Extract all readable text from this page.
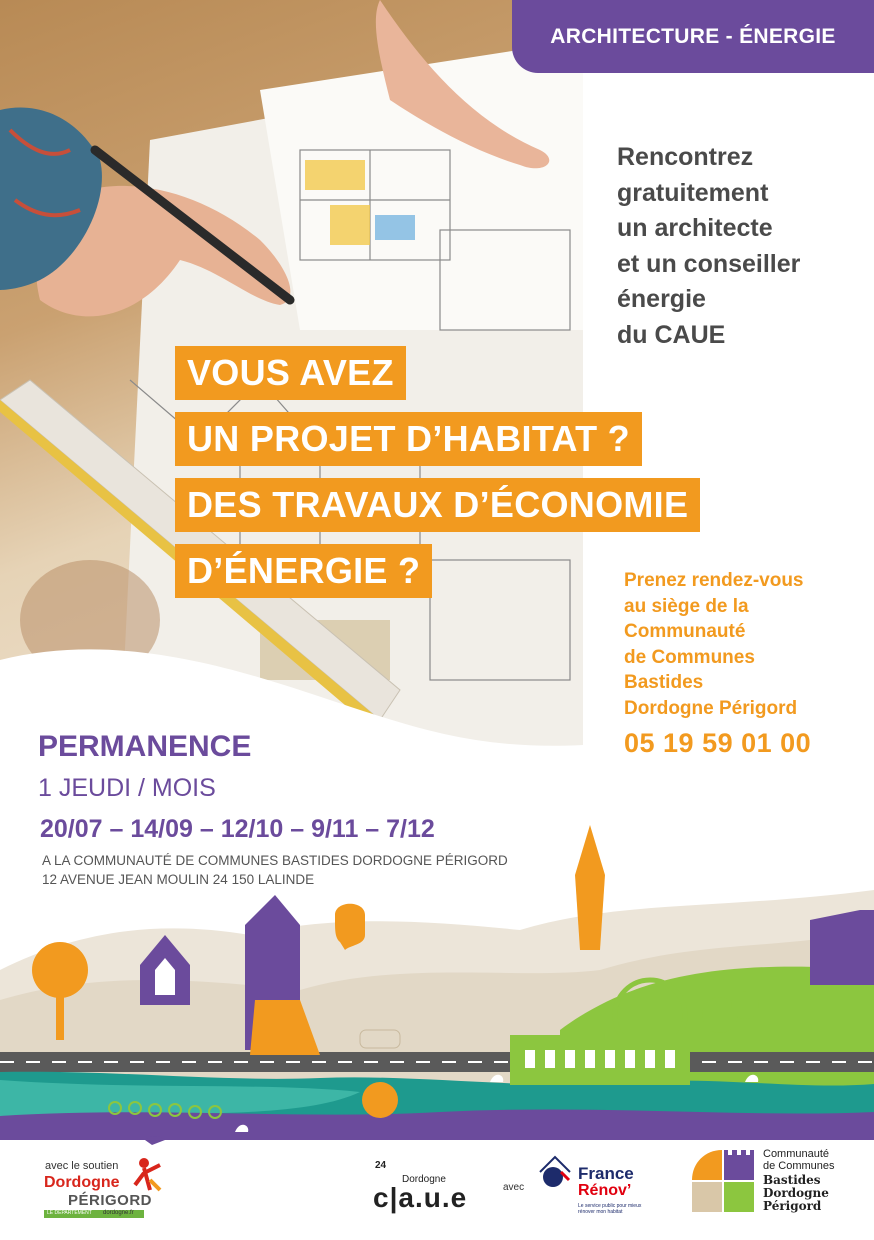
ARCHITECTURE - ÉNERGIE
Rencontrez
gratuitement
un architecte
et un conseiller
énergie
du CAUE
VOUS AVEZ
UN PROJET D’HABITAT ?
DES TRAVAUX D’ÉCONOMIE
D’ÉNERGIE ?	Prenez rendez-vous
au siège de la
Communauté
de Communes
Bastides
Dordogne Périgord
05 19 59 01 00
PERMANENCE
1 JEUDI / MOIS
20/07 – 14/09 – 12/10 – 9/11 – 7/12
A LA COMMUNAUTÉ DE COMMUNES BASTIDES DORDOGNE PÉRIGORD
12 AVENUE JEAN MOULIN 24 150 LALINDE
avec le soutien
Dordogne
PÉRIGORD
LE DÉPARTEMENT dordogne.fr
24
Dordogne
c|a.u.e	avec
France
Rénov’
Le service public pour mieux
rénover mon habitat
Communauté
de Communes
Bastides
Dordogne
Périgord
